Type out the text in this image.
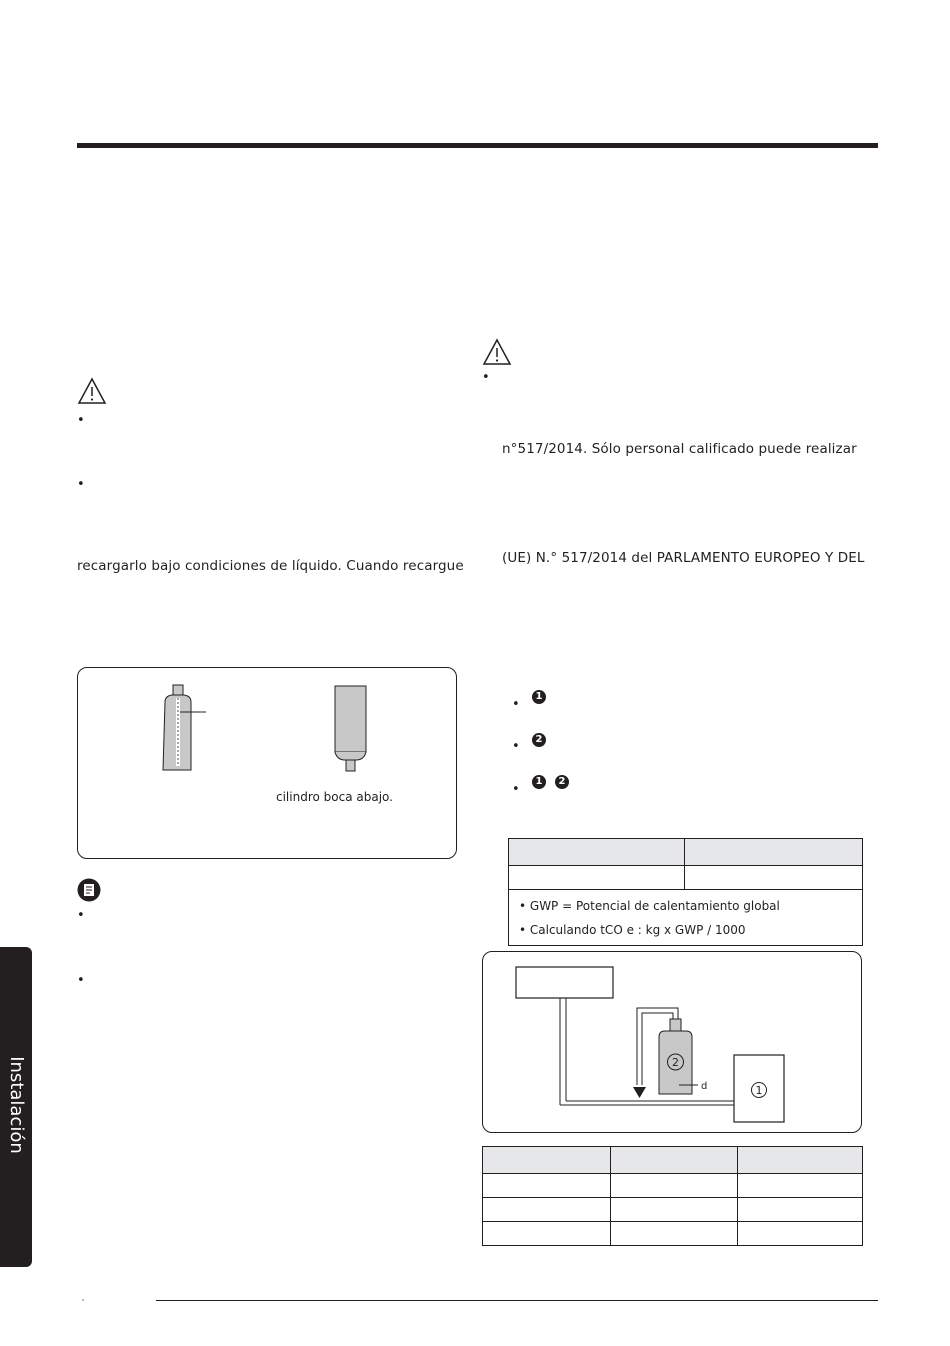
Instalación
•
•
recargarlo bajo condiciones de líquido. Cuando recargue
cilindro boca abajo.
•
•
•
n°517/2014. Sólo personal calificado puede realizar
(UE) N.° 517/2014 del PARLAMENTO EUROPEO Y DEL
•
1
•	2
•
1	2

• GWP = Potencial de calentamiento global
• Calculando tCO e : kg x GWP / 1000	
2
1
d
